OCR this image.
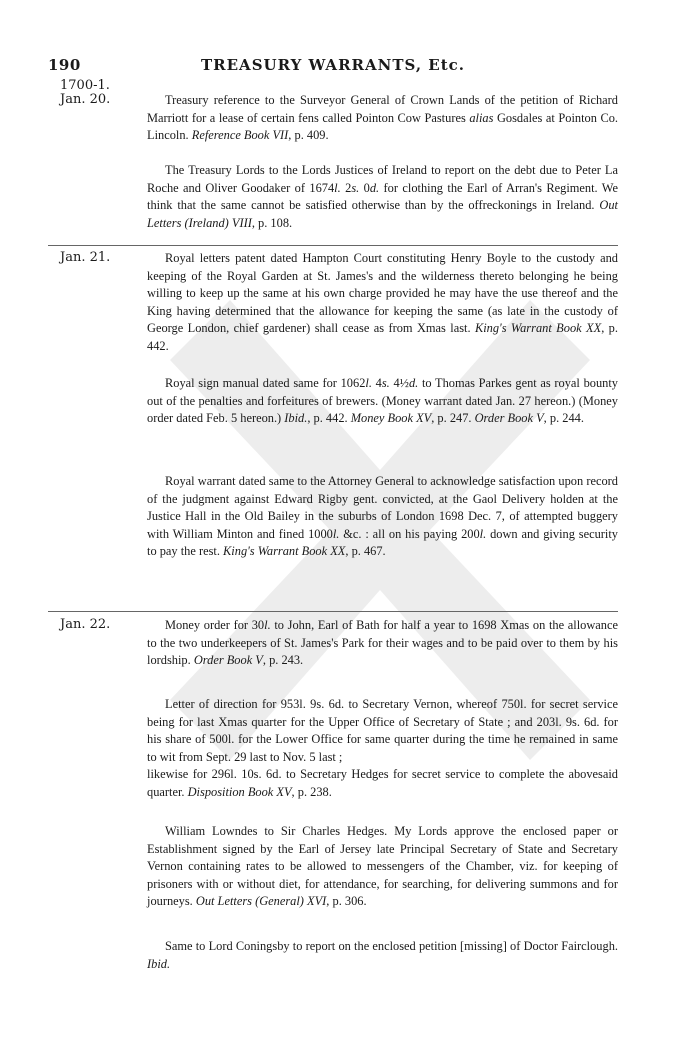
190	TREASURY WARRANTS, Etc.
1700-1.
Jan. 20.	Treasury reference to the Surveyor General of Crown Lands of the petition of Richard Marriott for a lease of certain fens called Pointon Cow Pastures alias Gosdales at Pointon Co. Lincoln. Reference Book VII, p. 409.

The Treasury Lords to the Lords Justices of Ireland to report on the debt due to Peter La Roche and Oliver Goodaker of 1674l. 2s. 0d. for clothing the Earl of Arran's Regiment. We think that the same cannot be satisfied otherwise than by the offreckonings in Ireland. Out Letters (Ireland) VIII, p. 108.

Jan. 21.	Royal letters patent dated Hampton Court constituting Henry Boyle to the custody and keeping of the Royal Garden at St. James's and the wilderness thereto belonging he being willing to keep up the same at his own charge provided he may have the use thereof and the King having determined that the allowance for keeping the same (as late in the custody of George London, chief gardener) shall cease as from Xmas last. King's Warrant Book XX, p. 442.

Royal sign manual dated same for 1062l. 4s. 4½d. to Thomas Parkes gent as royal bounty out of the penalties and forfeitures of brewers. (Money warrant dated Jan. 27 hereon.) (Money order dated Feb. 5 hereon.) Ibid., p. 442. Money Book XV, p. 247. Order Book V, p. 244.

Royal warrant dated same to the Attorney General to acknowledge satisfaction upon record of the judgment against Edward Rigby gent. convicted, at the Gaol Delivery holden at the Justice Hall in the Old Bailey in the suburbs of London 1698 Dec. 7, of attempted buggery with William Minton and fined 1000l. &c. : all on his paying 200l. down and giving security to pay the rest. King's Warrant Book XX, p. 467.

Jan. 22.	Money order for 30l. to John, Earl of Bath for half a year to 1698 Xmas on the allowance to the two underkeepers of St. James's Park for their wages and to be paid over to them by his lordship. Order Book V, p. 243.

Letter of direction for 953l. 9s. 6d. to Secretary Vernon, whereof 750l. for secret service being for last Xmas quarter for the Upper Office of Secretary of State ; and 203l. 9s. 6d. for his share of 500l. for the Lower Office for same quarter during the time he remained in same to wit from Sept. 29 last to Nov. 5 last ;

likewise for 296l. 10s. 6d. to Secretary Hedges for secret service to complete the abovesaid quarter. Disposition Book XV, p. 238.

William Lowndes to Sir Charles Hedges. My Lords approve the enclosed paper or Establishment signed by the Earl of Jersey late Principal Secretary of State and Secretary Vernon containing rates to be allowed to messengers of the Chamber, viz. for keeping of prisoners with or without diet, for attendance, for searching, for delivering summons and for journeys. Out Letters (General) XVI, p. 306.

Same to Lord Coningsby to report on the enclosed petition [missing] of Doctor Fairclough. Ibid.
